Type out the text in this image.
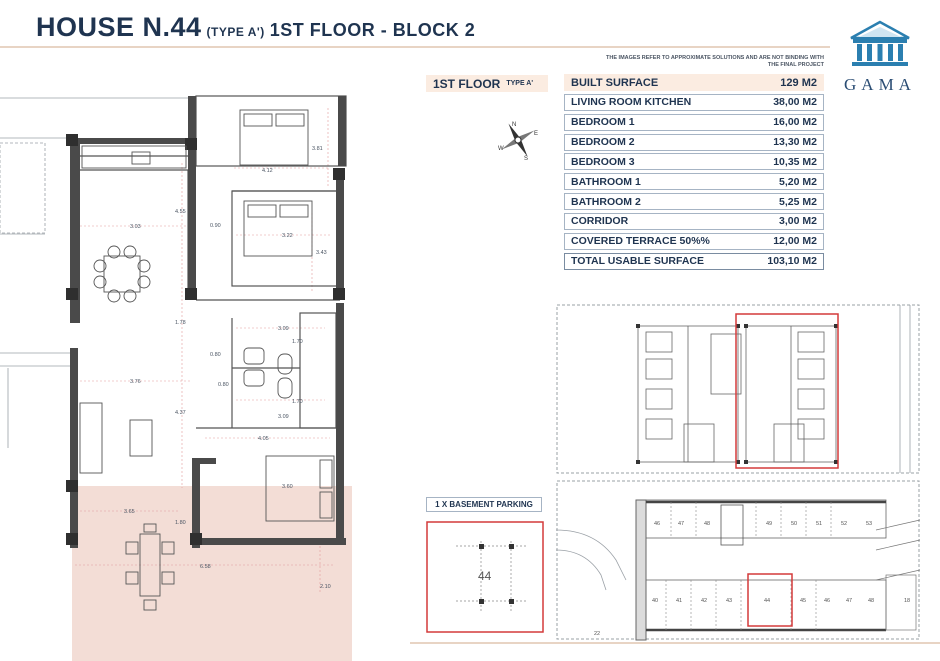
HOUSE N.44 (TYPE A') 1ST FLOOR - BLOCK 2
THE IMAGES REFER TO APPROXIMATE SOLUTIONS AND ARE NOT BINDING WITH THE FINAL PROJECT
GAMA
1ST FLOOR TYPE A'	BUILT SURFACE	129 M2
LIVING ROOM KITCHEN	38,00 M2
BEDROOM 1	16,00 M2
BEDROOM 2	13,30 M2
BEDROOM 3	10,35 M2
BATHROOM 1	5,20 M2
BATHROOM 2	5,25 M2
CORRIDOR	3,00 M2
COVERED TERRACE 50%%	12,00 M2
TOTAL USABLE SURFACE	103,10 M2
N
S
E
W
4.12
3.81
4.55
0.90
3.22
3.43
3.03
1.78
3.09
1.70
0.80
1.70
0.80
3.76
3.09
4.37
4.05
3.60
3.65
1.80
6.58
2.10
1 X BASEMENT PARKING
44
46	47	48	49	50	51	52	53
40	41	42	43	44	45	46	47	48	18
22
